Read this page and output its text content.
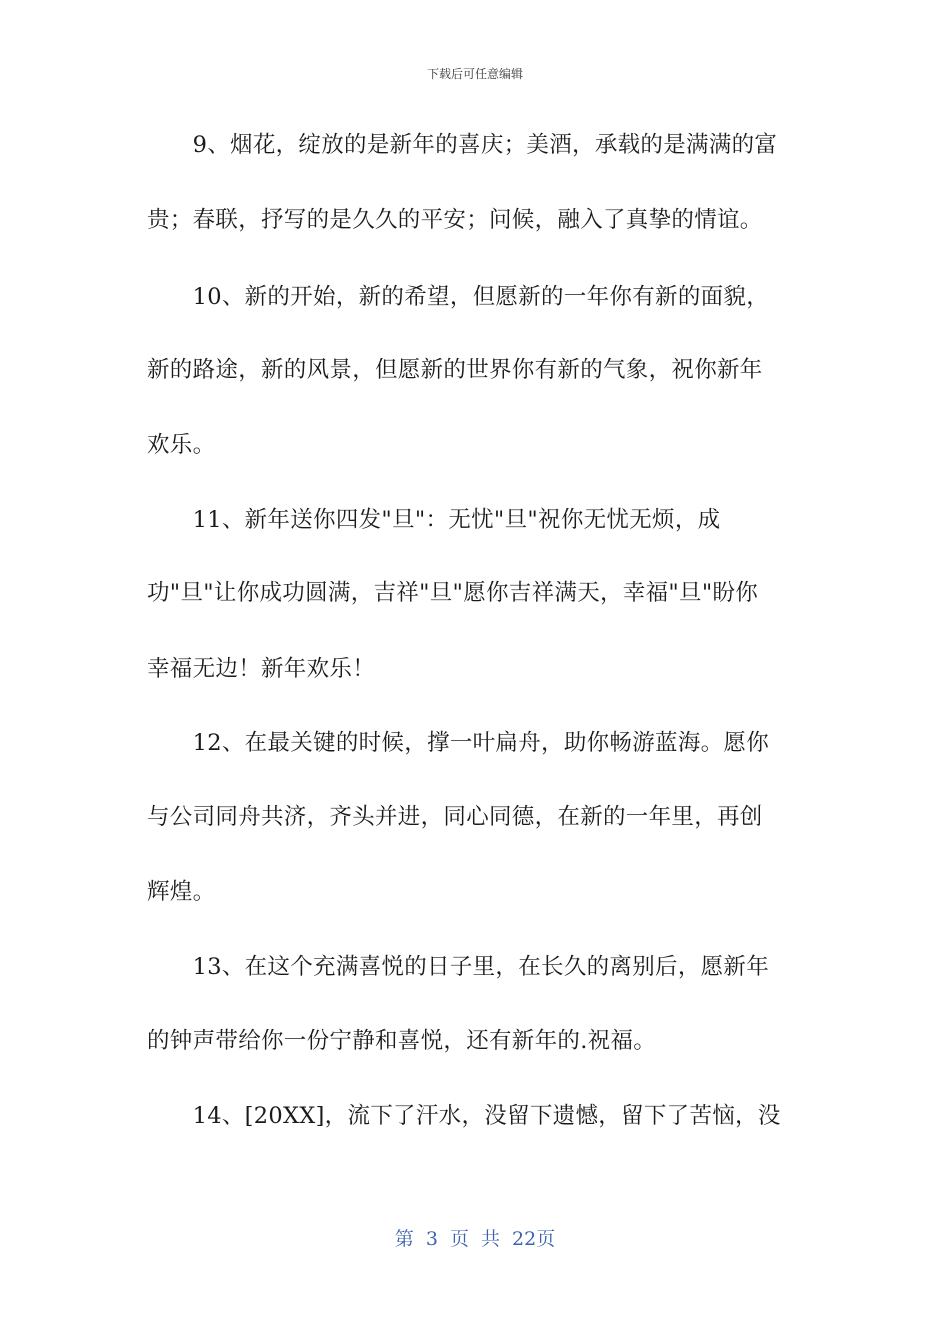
下载后可任意编辑
　　9、烟花，绽放的是新年的喜庆；美酒，承载的是满满的富
贵；春联，抒写的是久久的平安；问候，融入了真挚的情谊。
　　10、新的开始，新的希望，但愿新的一年你有新的面貌，
新的路途，新的风景，但愿新的世界你有新的气象，祝你新年
欢乐。
　　11、新年送你四发"旦"：无忧"旦"祝你无忧无烦，成
功"旦"让你成功圆满，吉祥"旦"愿你吉祥满天，幸福"旦"盼你
幸福无边！新年欢乐！
　　12、在最关键的时候，撑一叶扁舟，助你畅游蓝海。愿你
与公司同舟共济，齐头并进，同心同德，在新的一年里，再创
辉煌。
　　13、在这个充满喜悦的日子里，在长久的离别后，愿新年
的钟声带给你一份宁静和喜悦，还有新年的.祝福。
　　14、[20XX]，流下了汗水，没留下遗憾，留下了苦恼，没
第 3 页 共 22页
